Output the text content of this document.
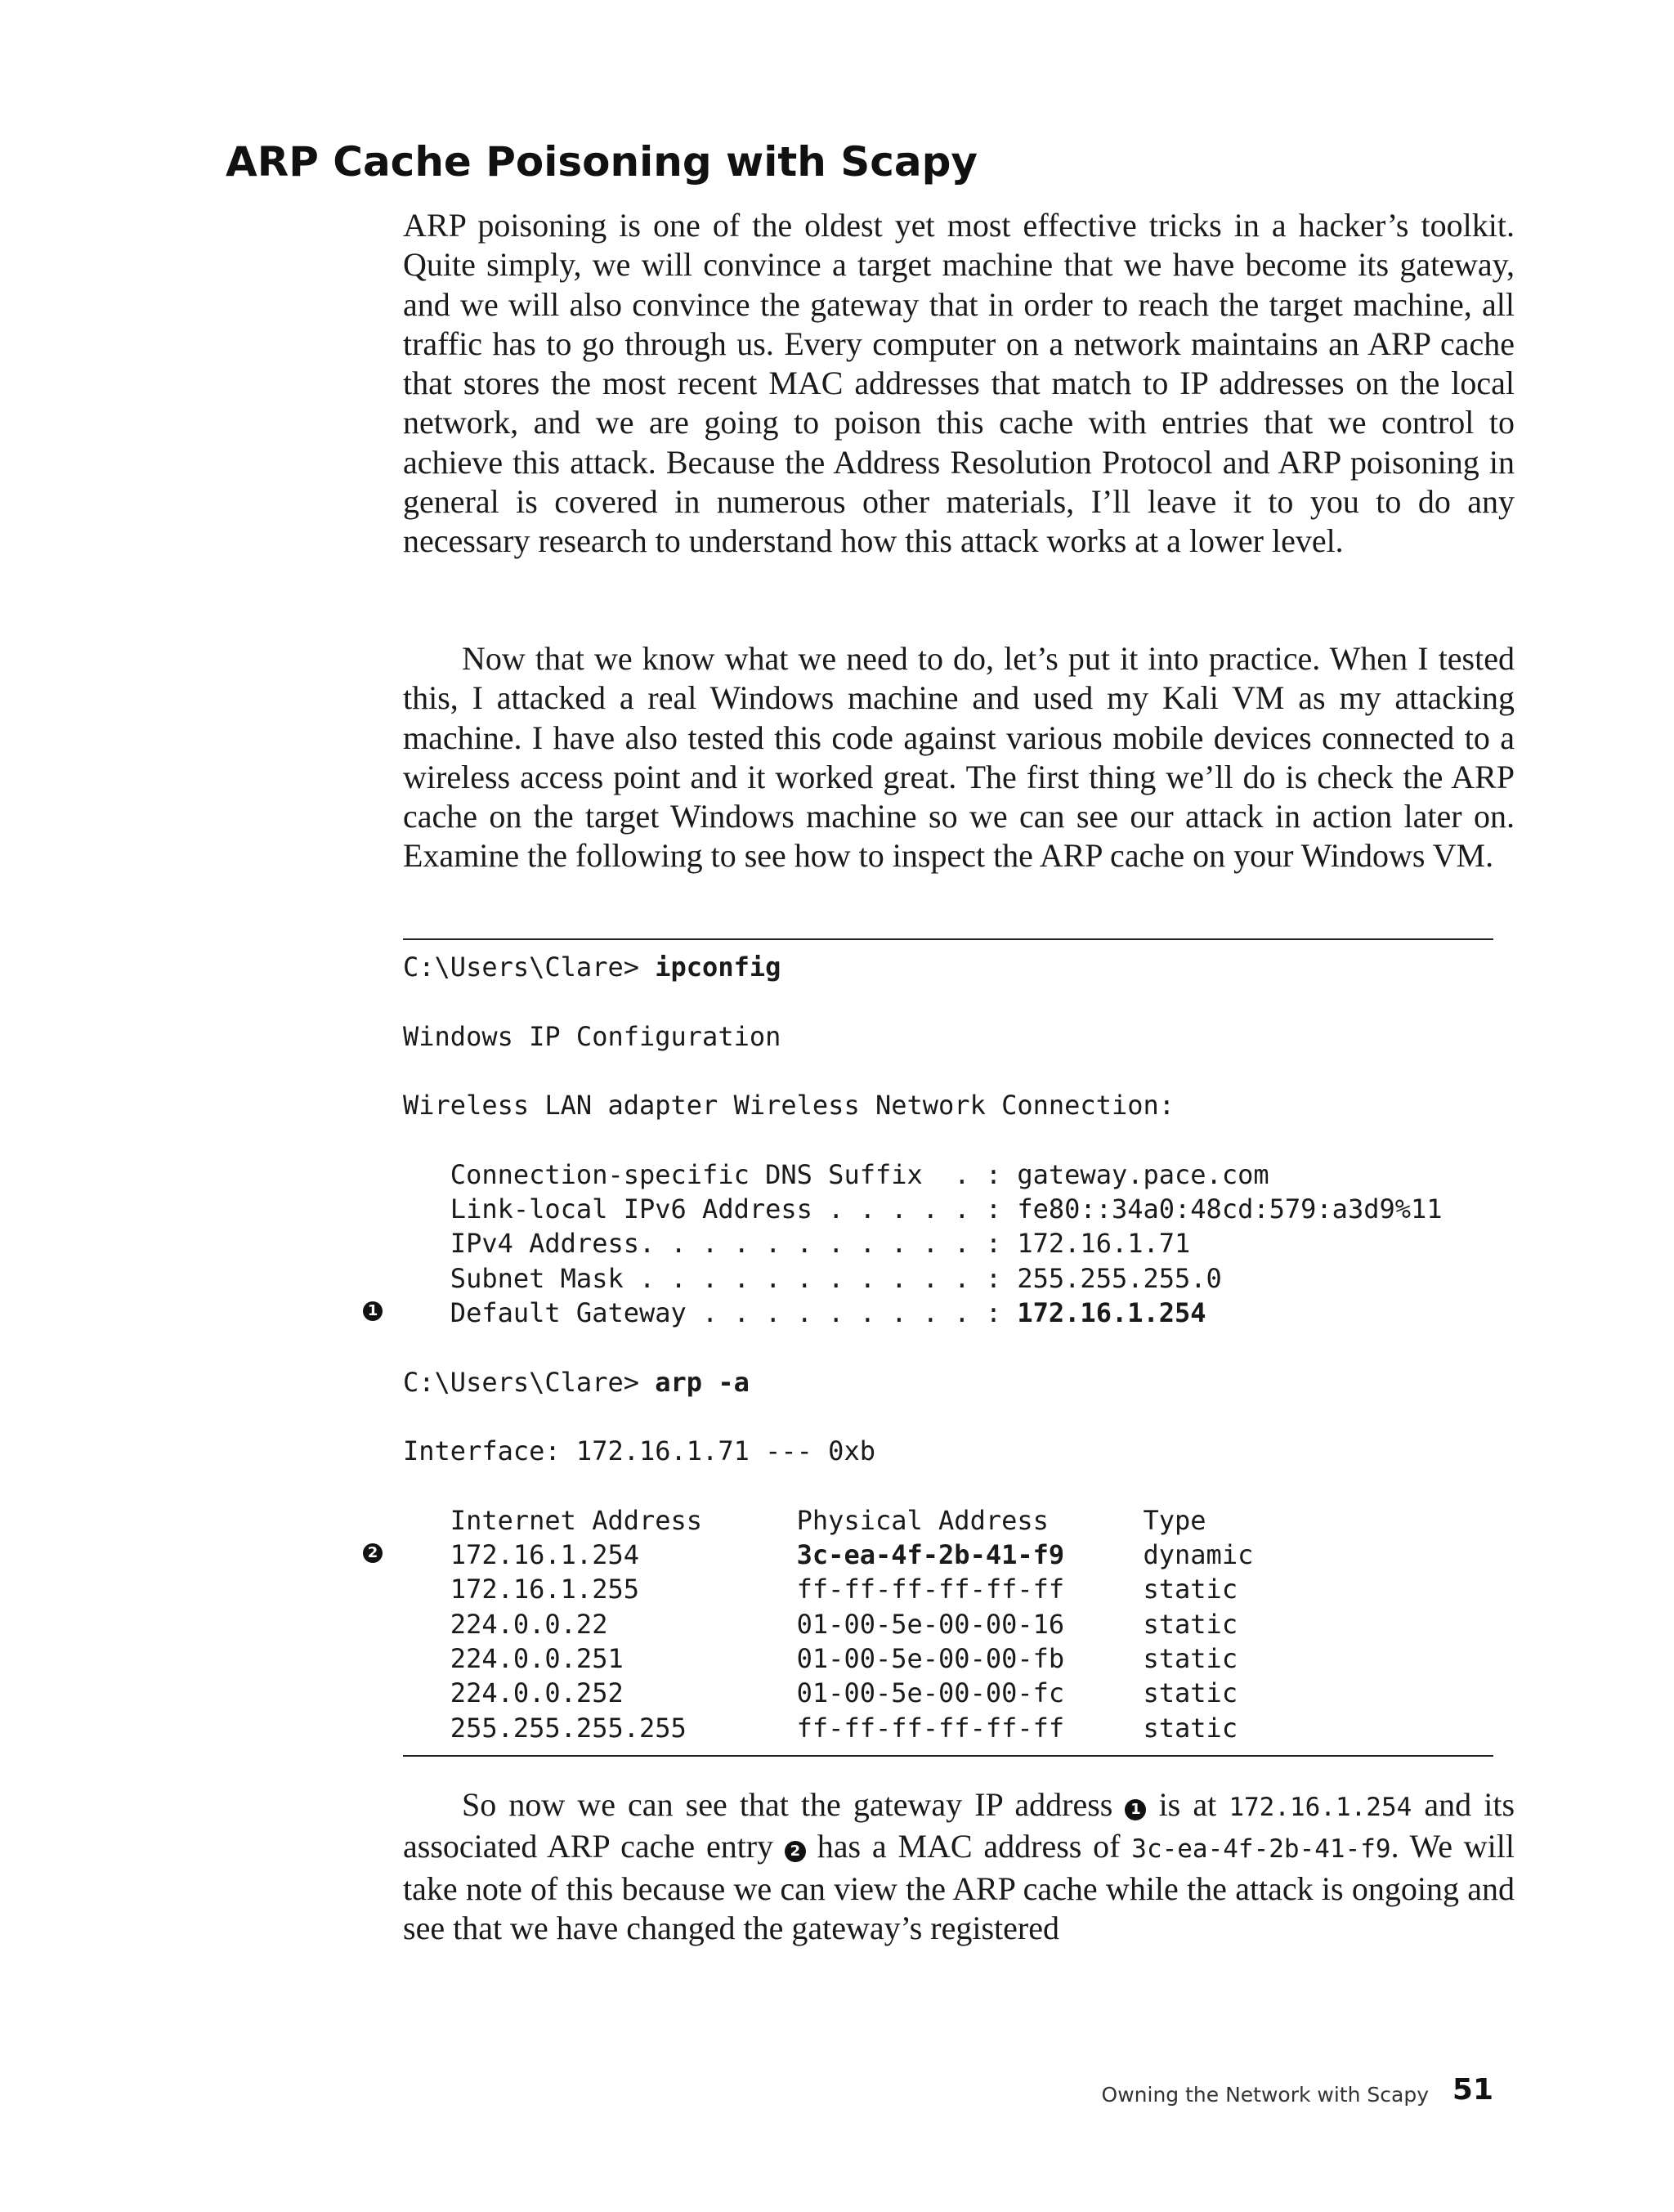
ARP Cache Poisoning with Scapy

ARP poisoning is one of the oldest yet most effective tricks in a hacker’s toolkit. Quite simply, we will convince a target machine that we have become its gateway, and we will also convince the gateway that in order to reach the target machine, all traffic has to go through us. Every computer on a network maintains an ARP cache that stores the most recent MAC addresses that match to IP addresses on the local network, and we are going to poison this cache with entries that we control to achieve this attack. Because the Address Resolution Protocol and ARP poisoning in general is covered in numerous other materials, I’ll leave it to you to do any necessary research to understand how this attack works at a lower level.

Now that we know what we need to do, let’s put it into practice. When I tested this, I attacked a real Windows machine and used my Kali VM as my attacking machine. I have also tested this code against various mobile devices connected to a wireless access point and it worked great. The first thing we’ll do is check the ARP cache on the target Windows machine so we can see our attack in action later on. Examine the following to see how to inspect the ARP cache on your Windows VM.

C:\Users\Clare> ipconfig
Windows IP Configuration
Wireless LAN adapter Wireless Network Connection:
Connection-specific DNS Suffix  . : gateway.pace.com
Link-local IPv6 Address . . . . . : fe80::34a0:48cd:579:a3d9%11
IPv4 Address. . . . . . . . . . . : 172.16.1.71
Subnet Mask . . . . . . . . . . . : 255.255.255.0
Default Gateway . . . . . . . . . : 172.16.1.254
C:\Users\Clare> arp -a
Interface: 172.16.1.71 --- 0xb
Internet Address      Physical Address      Type
172.16.1.254          3c-ea-4f-2b-41-f9     dynamic
172.16.1.255          ff-ff-ff-ff-ff-ff     static
224.0.0.22            01-00-5e-00-00-16     static
224.0.0.251           01-00-5e-00-00-fb     static
224.0.0.252           01-00-5e-00-00-fc     static
255.255.255.255       ff-ff-ff-ff-ff-ff     static
1
2

So now we can see that the gateway IP address 1 is at 172.16.1.254 and its associated ARP cache entry 2 has a MAC address of 3c-ea-4f-2b-41-f9. We will take note of this because we can view the ARP cache while the attack is ongoing and see that we have changed the gateway’s registered

Owning the Network with Scapy 51
